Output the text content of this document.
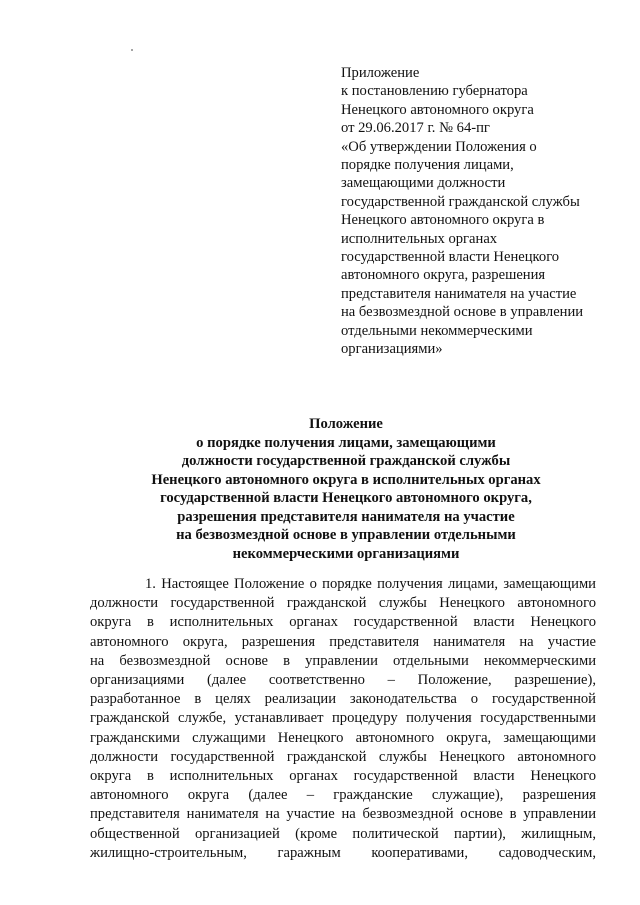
Приложение
к постановлению губернатора
Ненецкого автономного округа
от 29.06.2017 г. № 64-пг
«Об утверждении Положения о
порядке получения лицами,
замещающими должности
государственной гражданской службы
Ненецкого автономного округа в
исполнительных органах
государственной власти Ненецкого
автономного округа, разрешения
представителя нанимателя на участие
на безвозмездной основе в управлении
отдельными некоммерческими
организациями»
Положение
о порядке получения лицами, замещающими
должности государственной гражданской службы
Ненецкого автономного округа в исполнительных органах
государственной власти Ненецкого автономного округа,
разрешения представителя нанимателя на участие
на безвозмездной основе в управлении отдельными
некоммерческими организациями
1. Настоящее Положение о порядке получения лицами, замещающими
должности государственной гражданской службы Ненецкого автономного
округа в исполнительных органах государственной власти Ненецкого
автономного округа, разрешения представителя нанимателя на участие
на безвозмездной основе в управлении отдельными некоммерческими
организациями (далее соответственно – Положение, разрешение),
разработанное в целях реализации законодательства о государственной
гражданской службе, устанавливает процедуру получения государственными
гражданскими служащими Ненецкого автономного округа, замещающими
должности государственной гражданской службы Ненецкого автономного
округа в исполнительных органах государственной власти Ненецкого
автономного округа (далее – гражданские служащие), разрешения
представителя нанимателя на участие на безвозмездной основе в управлении
общественной организацией (кроме политической партии), жилищным,
жилищно-строительным, гаражным кооперативами, садоводческим,
